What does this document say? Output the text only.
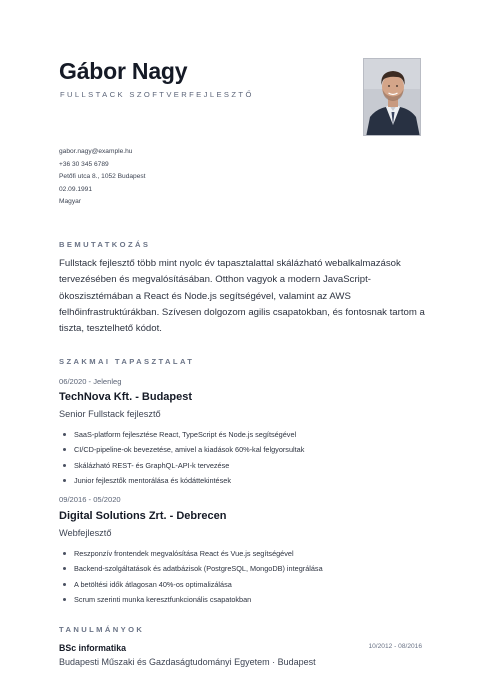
Gábor Nagy
FULLSTACK SZOFTVERFEJLESZTŐ
gabor.nagy@example.hu
+36 30 345 6789
Petőfi utca 8., 1052 Budapest
02.09.1991
Magyar
BEMUTATKOZÁS
Fullstack fejlesztő több mint nyolc év tapasztalattal skálázható webalkalmazások tervezésében és megvalósításában. Otthon vagyok a modern JavaScript-ökoszisztémában a React és Node.js segítségével, valamint az AWS felhőinfrastruktúrákban. Szívesen dolgozom agilis csapatokban, és fontosnak tartom a tiszta, tesztelhető kódot.
SZAKMAI TAPASZTALAT
06/2020 - Jelenleg
TechNova Kft. - Budapest
Senior Fullstack fejlesztő
SaaS-platform fejlesztése React, TypeScript és Node.js segítségével
CI/CD-pipeline-ok bevezetése, amivel a kiadások 60%-kal felgyorsultak
Skálázható REST- és GraphQL-API-k tervezése
Junior fejlesztők mentorálása és kódáttekintések
09/2016 - 05/2020
Digital Solutions Zrt. - Debrecen
Webfejlesztő
Reszponzív frontendek megvalósítása React és Vue.js segítségével
Backend-szolgáltatások és adatbázisok (PostgreSQL, MongoDB) integrálása
A betöltési idők átlagosan 40%-os optimalizálása
Scrum szerinti munka keresztfunkcionális csapatokban
TANULMÁNYOK
BSc informatika	10/2012 - 08/2016
Budapesti Műszaki és Gazdaságtudományi Egyetem · Budapest
